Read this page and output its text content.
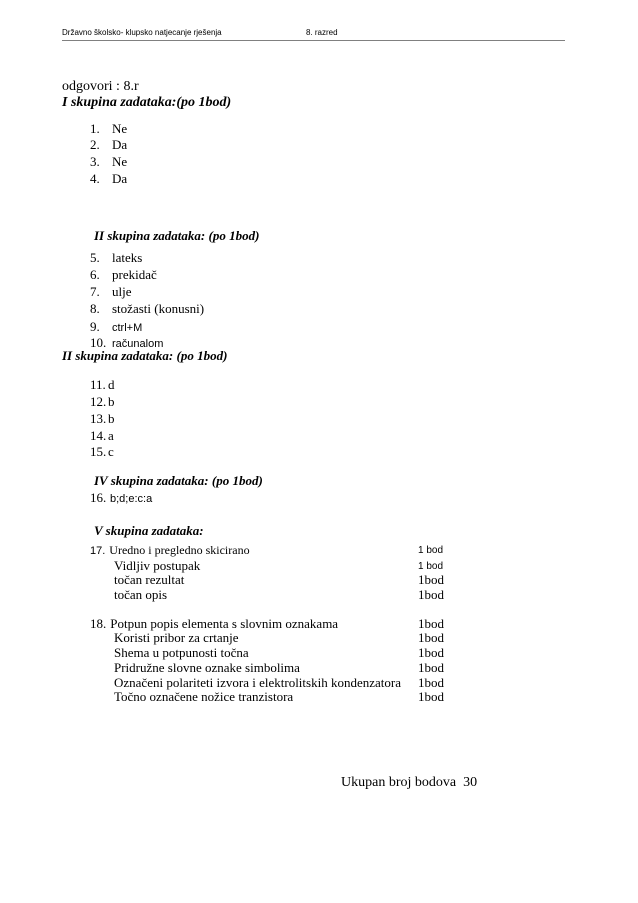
Državno školsko- klupsko natjecanje rješenja	8. razred
odgovori : 8.r
I skupina zadataka:(po 1bod)
1. Ne
2. Da
3. Ne
4. Da
II skupina zadataka: (po 1bod)
5. lateks
6. prekidač
7. ulje
8. stožasti (konusni)
9. ctrl+M
10. računalom
II skupina zadataka: (po 1bod)
11. d
12. b
13. b
14. a
15. c
IV skupina zadataka: (po 1bod)
16. b;d;e:c:a
V skupina zadataka:
17. Uredno i pregledno skicirano	1 bod
Vidljiv postupak	1 bod
točan rezultat	1bod
točan opis	1bod
18. Potpun popis elementa s slovnim oznakama	1bod
Koristi pribor za crtanje	1bod
Shema u potpunosti točna	1bod
Pridružne slovne oznake simbolima	1bod
Označeni polariteti izvora i elektrolitskih kondenzatora 1bod
Točno označene nožice tranzistora	1bod
Ukupan broj bodova  30
